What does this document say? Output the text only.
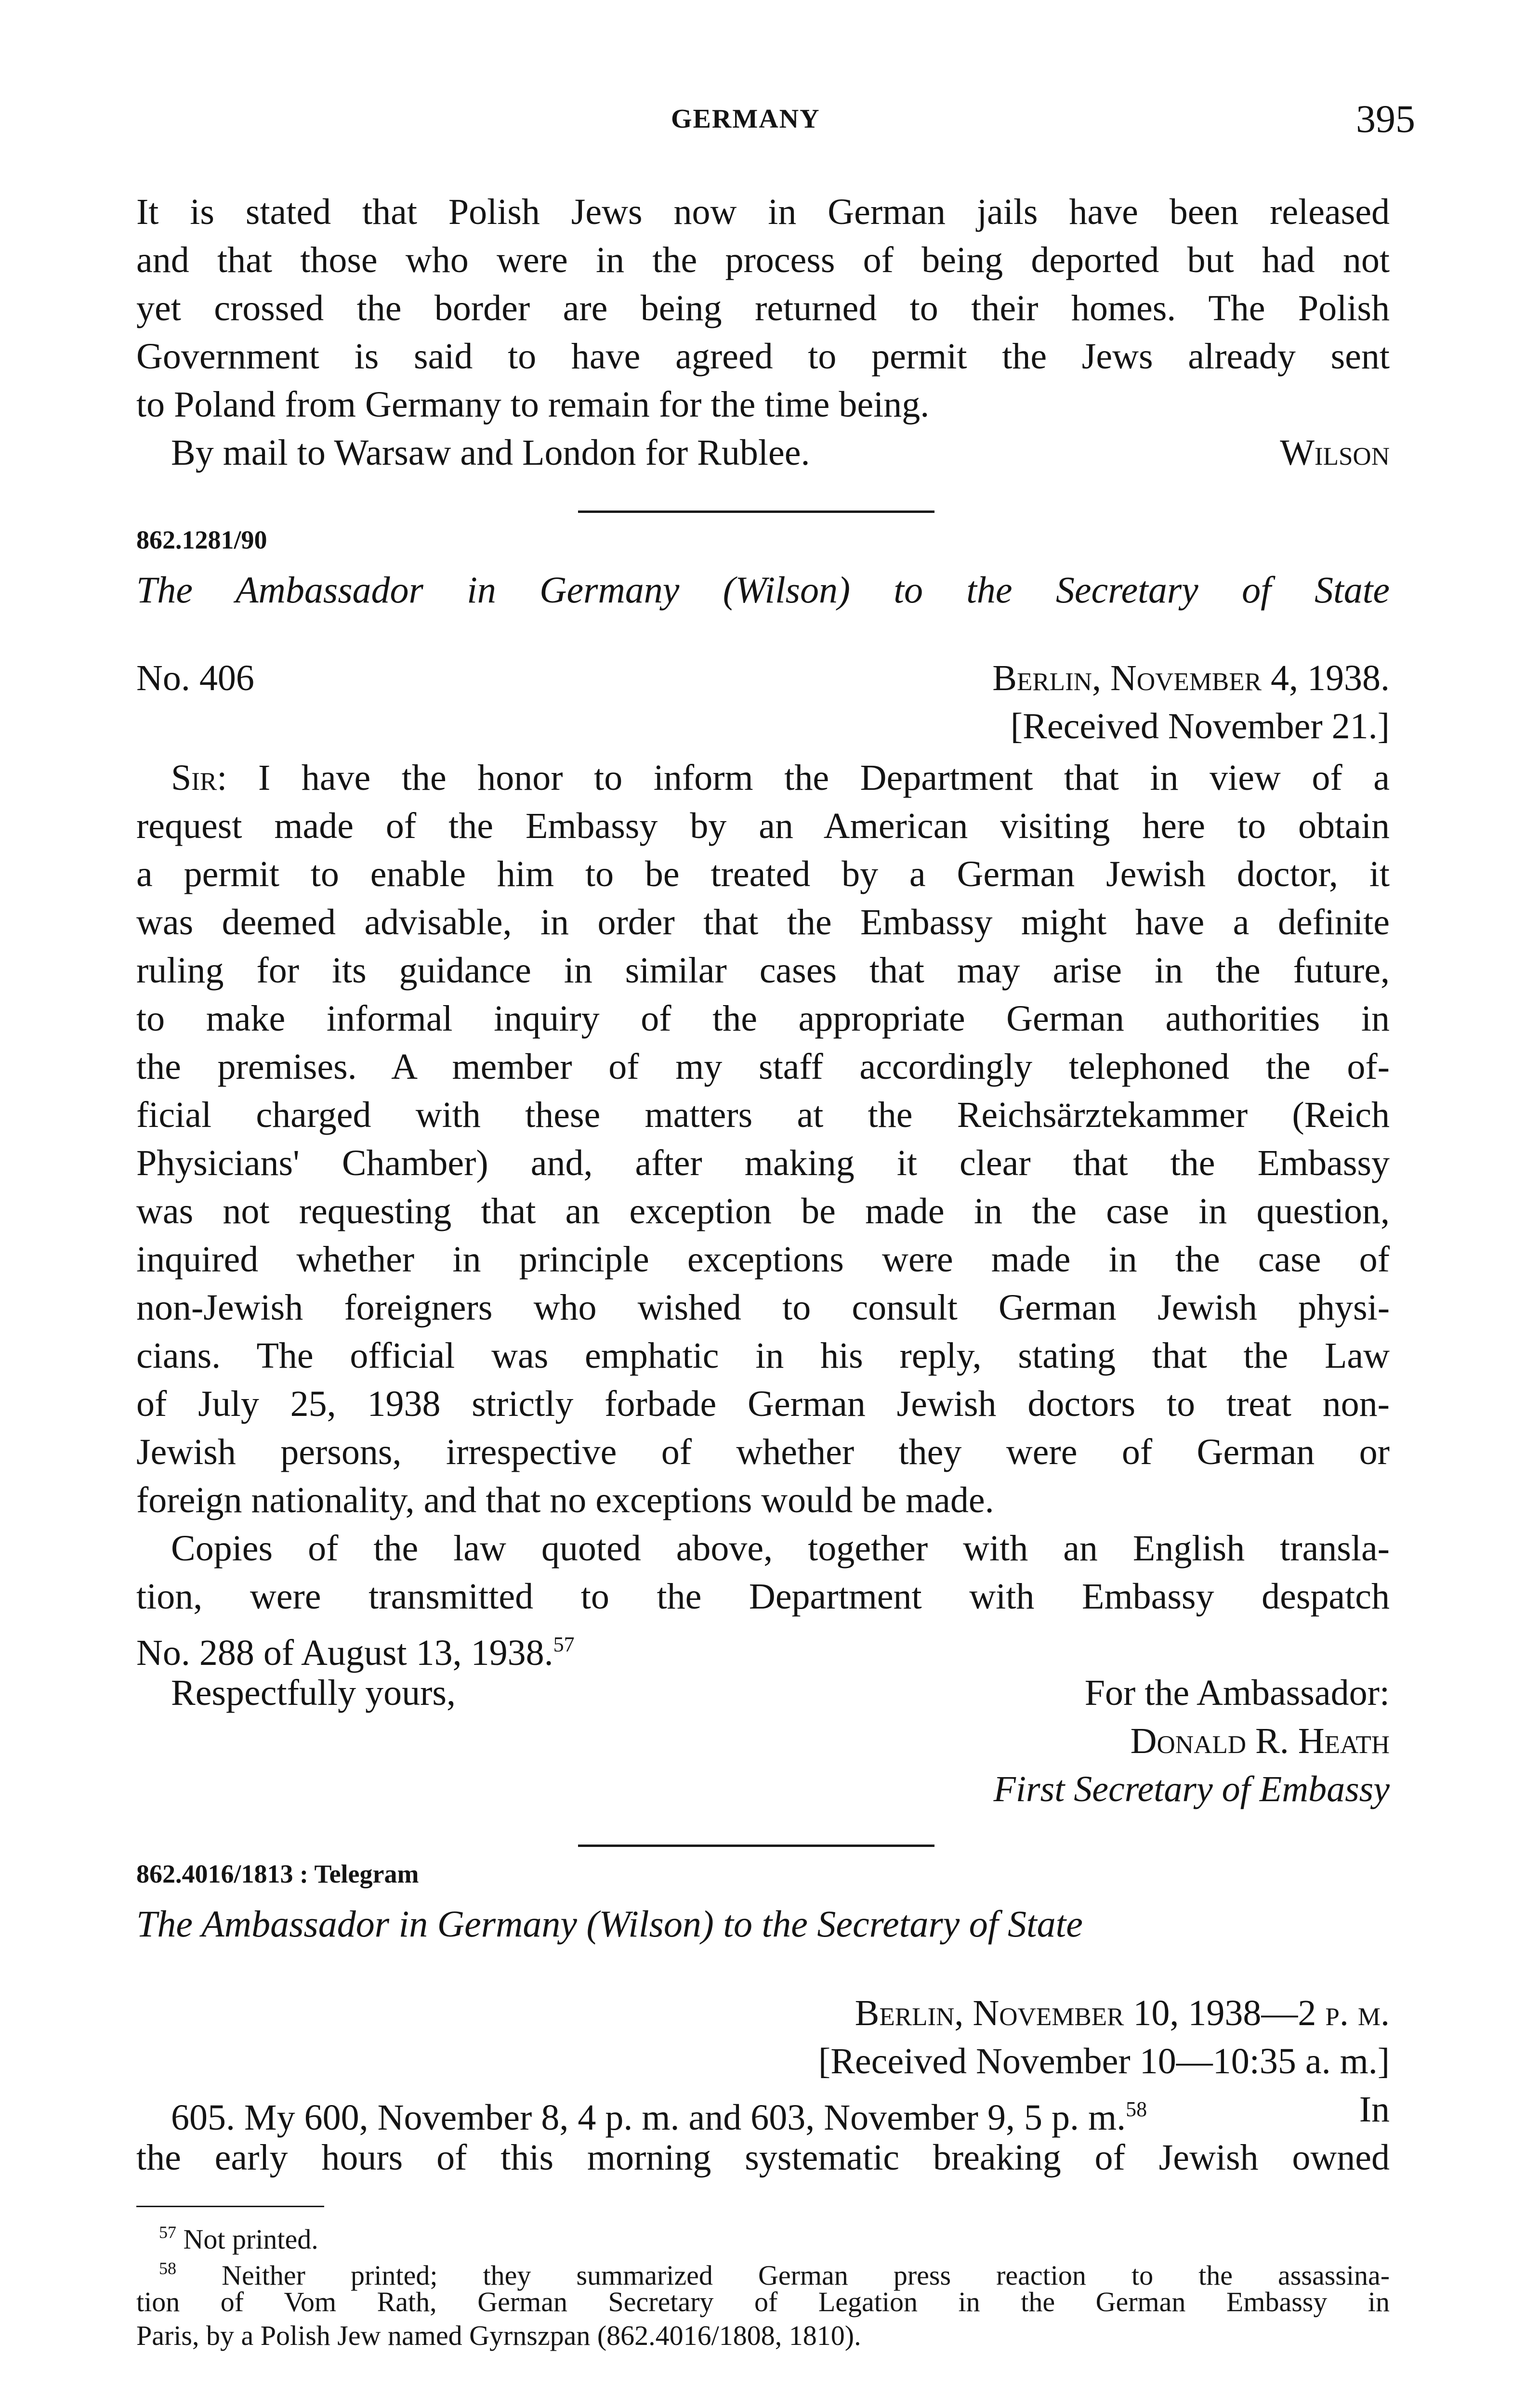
GERMANY	395
It is stated that Polish Jews now in German jails have been released
and that those who were in the process of being deported but had not
yet crossed the border are being returned to their homes. The Polish
Government is said to have agreed to permit the Jews already sent
to Poland from Germany to remain for the time being.
By mail to Warsaw and London for Rublee.	Wilson
862.1281/90
The Ambassador in Germany (Wilson) to the Secretary of State
No. 406	Berlin, November 4, 1938.
[Received November 21.]
Sir: I have the honor to inform the Department that in view of a
request made of the Embassy by an American visiting here to obtain
a permit to enable him to be treated by a German Jewish doctor, it
was deemed advisable, in order that the Embassy might have a definite
ruling for its guidance in similar cases that may arise in the future,
to make informal inquiry of the appropriate German authorities in
the premises. A member of my staff accordingly telephoned the of-
ficial charged with these matters at the Reichsärztekammer (Reich
Physicians' Chamber) and, after making it clear that the Embassy
was not requesting that an exception be made in the case in question,
inquired whether in principle exceptions were made in the case of
non-Jewish foreigners who wished to consult German Jewish physi-
cians. The official was emphatic in his reply, stating that the Law
of July 25, 1938 strictly forbade German Jewish doctors to treat non-
Jewish persons, irrespective of whether they were of German or
foreign nationality, and that no exceptions would be made.
Copies of the law quoted above, together with an English transla-
tion, were transmitted to the Department with Embassy despatch
No. 288 of August 13, 1938.57
Respectfully yours,	For the Ambassador:
Donald R. Heath
First Secretary of Embassy
862.4016/1813 : Telegram
The Ambassador in Germany (Wilson) to the Secretary of State
Berlin, November 10, 1938—2 p. m.
[Received November 10—10:35 a. m.]
605. My 600, November 8, 4 p. m. and 603, November 9, 5 p. m.$^{58}$	In
the early hours of this morning systematic breaking of Jewish owned
$^{57}$ Not printed.
$^{58}$ Neither printed; they summarized German press reaction to the assassina-
tion of Vom Rath, German Secretary of Legation in the German Embassy in
Paris, by a Polish Jew named Gyrnszpan (862.4016/1808, 1810).
